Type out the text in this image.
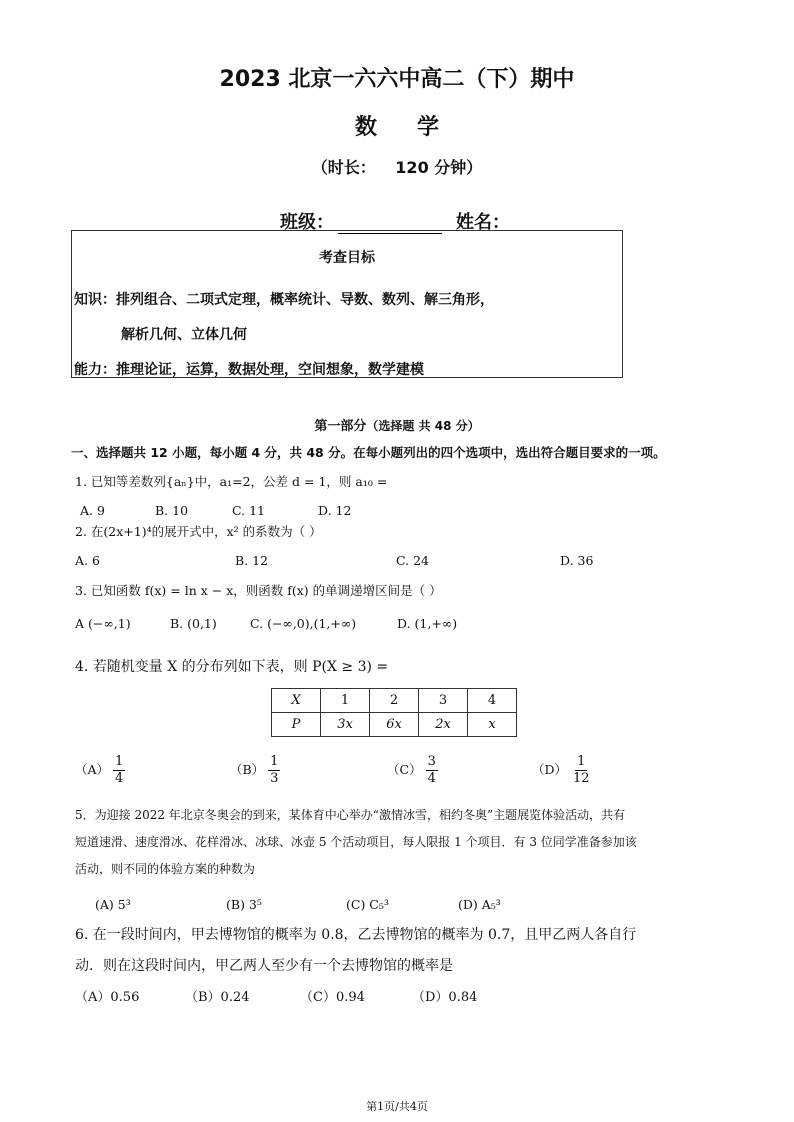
2023 北京一六六中高二（下）期中
数学
（时长： 120 分钟）
班级：	姓名：
考查目标
知识：排列组合、二项式定理，概率统计、导数、数列、解三角形，
解析几何、立体几何
能力：推理论证，运算，数据处理，空间想象，数学建模
第一部分（选择题 共 48 分）
一、选择题共 12 小题，每小题 4 分，共 48 分。在每小题列出的四个选项中，选出符合题目要求的一项。
1. 已知等差数列{aₙ}中，a₁=2，公差 d = 1，则 a₁₀ =
A. 9	B. 10	C. 11	D. 12
2. 在(2x+1)⁴的展开式中，x² 的系数为（ ）
A. 6	B. 12	C. 24	D. 36
3. 已知函数 f(x) = ln x − x，则函数 f(x) 的单调递增区间是（ ）
A (−∞,1)	B. (0,1)	C. (−∞,0),(1,+∞)	D. (1,+∞)
4. 若随机变量 X 的分布列如下表，则 P(X ≥ 3) =
X	1	2	3	4
P	3x	6x	2x	x
$(A) \frac{1}{4}$	$(B) \frac{1}{3}$	$(C) \frac{3}{4}$	$(D) \frac{1}{12}$
5．为迎接 2022 年北京冬奥会的到来，某体育中心举办“激情冰雪，相约冬奥”主题展览体验活动，共有
短道速滑、速度滑冰、花样滑冰、冰球、冰壶 5 个活动项目，每人限报 1 个项目．有 3 位同学准备参加该
活动，则不同的体验方案的种数为
(A) 5³	(B) 3⁵	(C) C₅³	(D) A₅³
6. 在一段时间内，甲去博物馆的概率为 0.8，乙去博物馆的概率为 0.7，且甲乙两人各自行
动．则在这段时间内，甲乙两人至少有一个去博物馆的概率是
（A）0.56	（B）0.24	（C）0.94	（D）0.84
第1页/共4页
